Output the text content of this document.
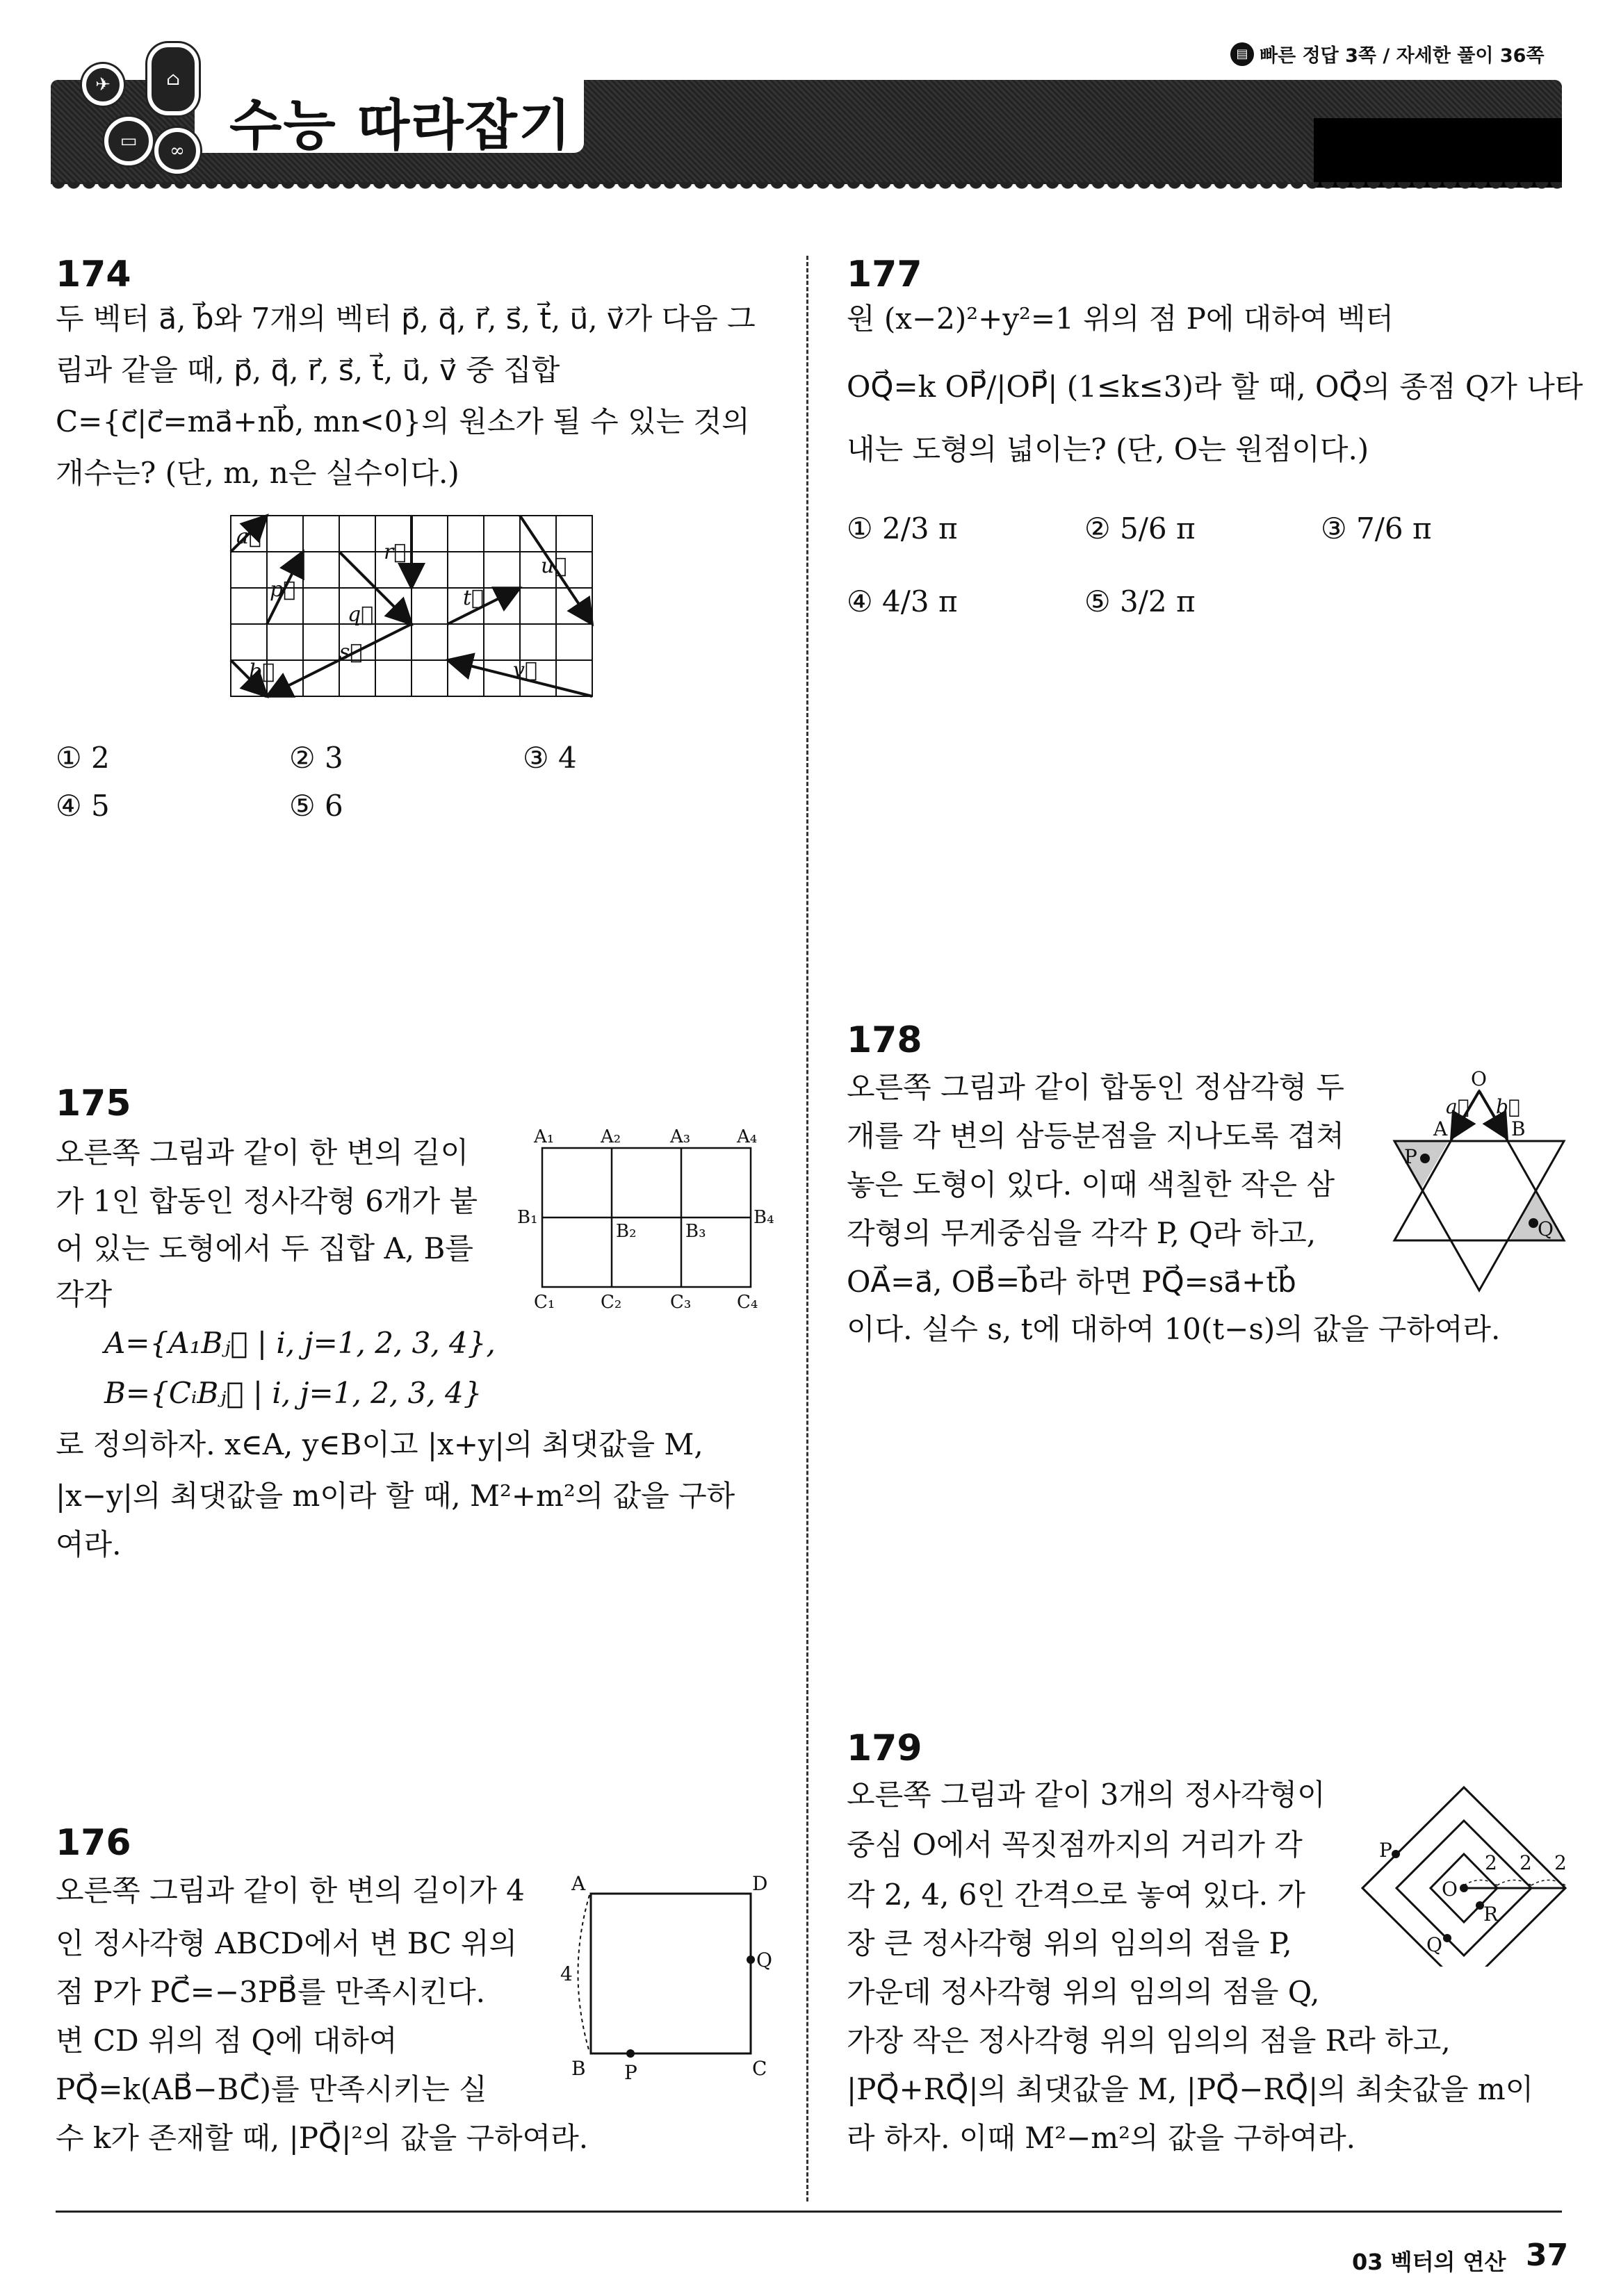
▤ 빠른 정답 3쪽 / 자세한 풀이 36쪽
수능 따라잡기
✈	⌂
▭	∞
174
두 벡터 a⃗, b⃗와 7개의 벡터 p⃗, q⃗, r⃗, s⃗, t⃗, u⃗, v⃗가 다음 그
림과 같을 때, p⃗, q⃗, r⃗, s⃗, t⃗, u⃗, v⃗ 중 집합
C={c⃗|c⃗=ma⃗+nb⃗, mn<0}의 원소가 될 수 있는 것의
개수는? (단, m, n은 실수이다.)
a⃗
b⃗
p⃗
q⃗
r⃗
s⃗
t⃗
u⃗
v⃗
① 2	② 3	③ 4
④ 5	⑤ 6
175
오른쪽 그림과 같이 한 변의 길이
가 1인 합동인 정사각형 6개가 붙
어 있는 도형에서 두 집합 A, B를
각각
A={A₁Bⱼ⃗ | i, j=1, 2, 3, 4},
B={CᵢBⱼ⃗ | i, j=1, 2, 3, 4}
로 정의하자. x∈A, y∈B이고 |x+y|의 최댓값을 M,
|x−y|의 최댓값을 m이라 할 때, M²+m²의 값을 구하
여라.
A₁	A₂	A₃	A₄
B₁
B₂	B₃
B₄
C₁	C₂	C₃	C₄
176
오른쪽 그림과 같이 한 변의 길이가 4
인 정사각형 ABCD에서 변 BC 위의
점 P가 PC⃗=−3PB⃗를 만족시킨다.
변 CD 위의 점 Q에 대하여
PQ⃗=k(AB⃗−BC⃗)를 만족시키는 실
수 k가 존재할 때, |PQ⃗|²의 값을 구하여라.
A	D
B	C
P
Q
4
177
원 (x−2)²+y²=1 위의 점 P에 대하여 벡터
OQ⃗=k OP⃗/|OP⃗| (1≤k≤3)라 할 때, OQ⃗의 종점 Q가 나타
내는 도형의 넓이는? (단, O는 원점이다.)
① 2/3 π	② 5/6 π	③ 7/6 π
④ 4/3 π	⑤ 3/2 π
178
오른쪽 그림과 같이 합동인 정삼각형 두
개를 각 변의 삼등분점을 지나도록 겹쳐
놓은 도형이 있다. 이때 색칠한 작은 삼
각형의 무게중심을 각각 P, Q라 하고,
OA⃗=a⃗, OB⃗=b⃗라 하면 PQ⃗=sa⃗+tb⃗
이다. 실수 s, t에 대하여 10(t−s)의 값을 구하여라.
O
A	B
P
Q
a⃗ b⃗
179
오른쪽 그림과 같이 3개의 정사각형이
중심 O에서 꼭짓점까지의 거리가 각
각 2, 4, 6인 간격으로 놓여 있다. 가
장 큰 정사각형 위의 임의의 점을 P,
가운데 정사각형 위의 임의의 점을 Q,
가장 작은 정사각형 위의 임의의 점을 R라 하고,
|PQ⃗+RQ⃗|의 최댓값을 M, |PQ⃗−RQ⃗|의 최솟값을 m이
라 하자. 이때 M²−m²의 값을 구하여라.
O
P
Q
R
2 2 2
03 벡터의 연산 37
